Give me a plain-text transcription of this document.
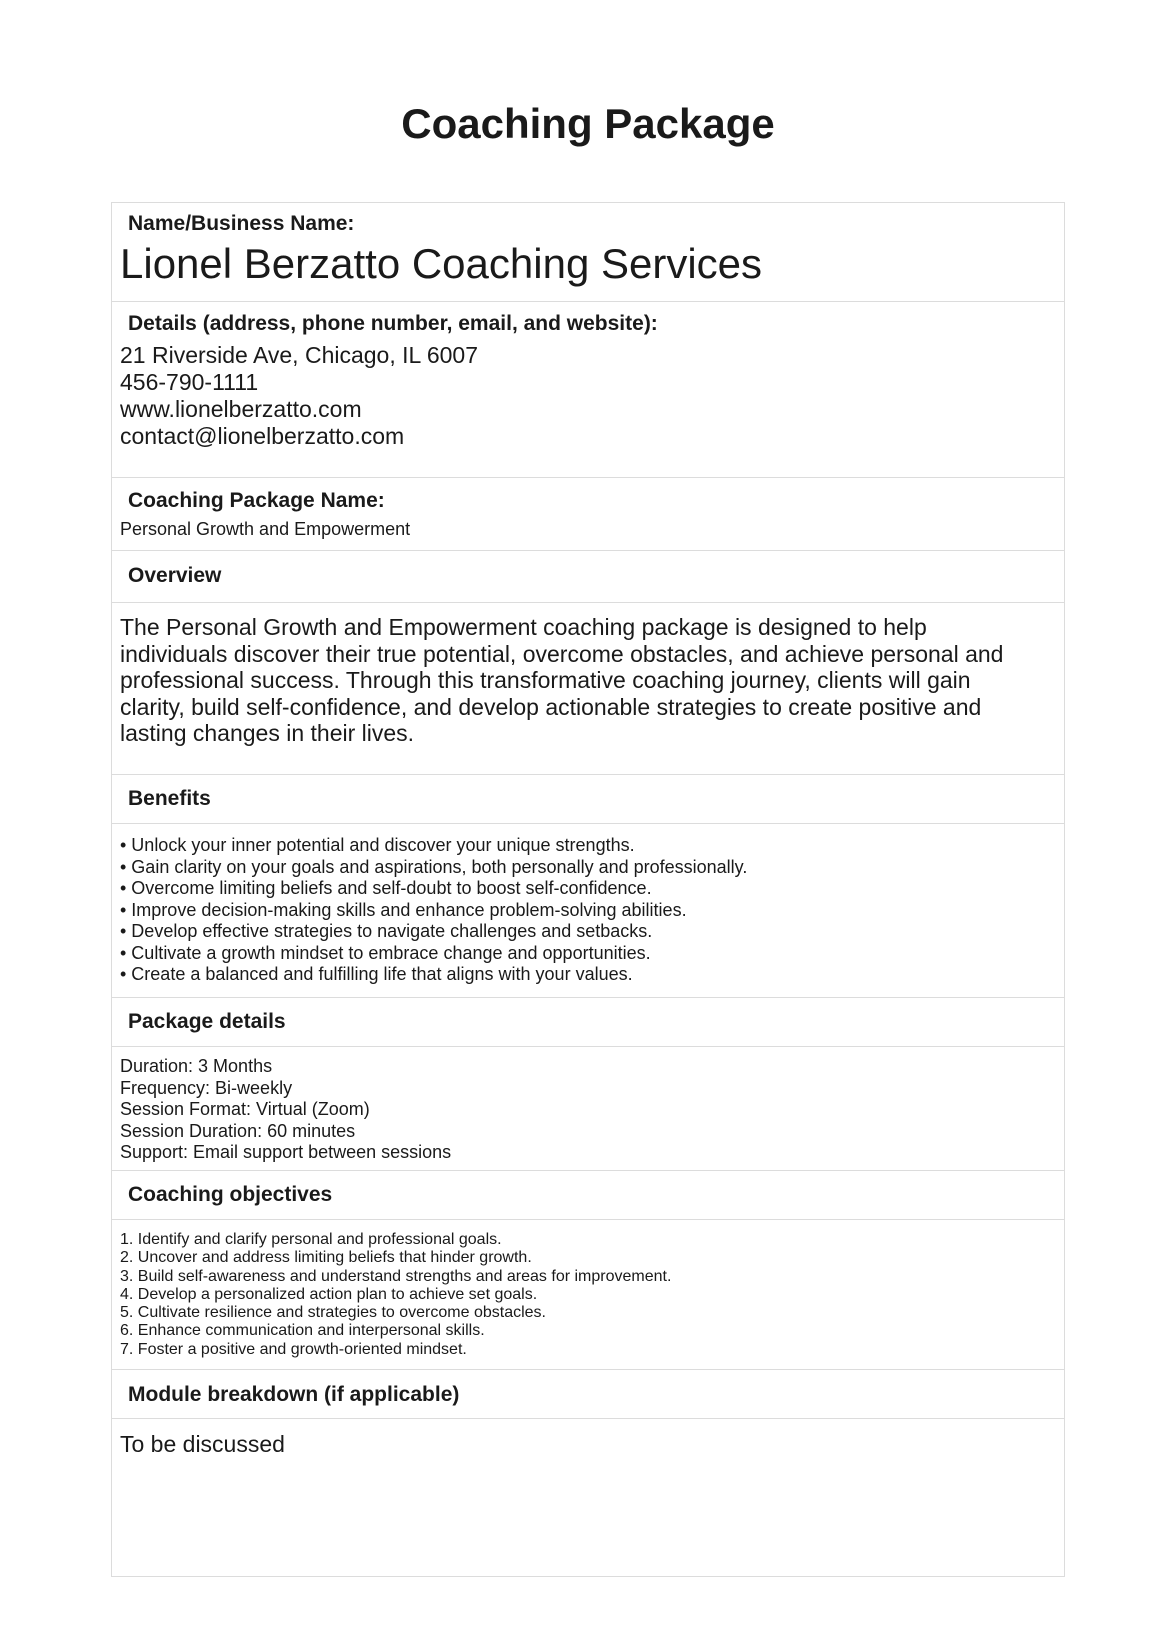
Coaching Package
Name/Business Name:
Lionel Berzatto Coaching Services
Details (address, phone number, email, and website):
21 Riverside Ave, Chicago, IL 6007
456-790-1111
www.lionelberzatto.com
contact@lionelberzatto.com
Coaching Package Name:
Personal Growth and Empowerment
Overview
The Personal Growth and Empowerment coaching package is designed to help individuals discover their true potential, overcome obstacles, and achieve personal and professional success. Through this transformative coaching journey, clients will gain clarity, build self-confidence, and develop actionable strategies to create positive and lasting changes in their lives.
Benefits
• Unlock your inner potential and discover your unique strengths.
• Gain clarity on your goals and aspirations, both personally and professionally.
• Overcome limiting beliefs and self-doubt to boost self-confidence.
• Improve decision-making skills and enhance problem-solving abilities.
• Develop effective strategies to navigate challenges and setbacks.
• Cultivate a growth mindset to embrace change and opportunities.
• Create a balanced and fulfilling life that aligns with your values.
Package details
Duration: 3 Months
Frequency: Bi-weekly
Session Format: Virtual (Zoom)
Session Duration: 60 minutes
Support: Email support between sessions
Coaching objectives
1. Identify and clarify personal and professional goals.
2. Uncover and address limiting beliefs that hinder growth.
3. Build self-awareness and understand strengths and areas for improvement.
4. Develop a personalized action plan to achieve set goals.
5. Cultivate resilience and strategies to overcome obstacles.
6. Enhance communication and interpersonal skills.
7. Foster a positive and growth-oriented mindset.
Module breakdown (if applicable)
To be discussed
